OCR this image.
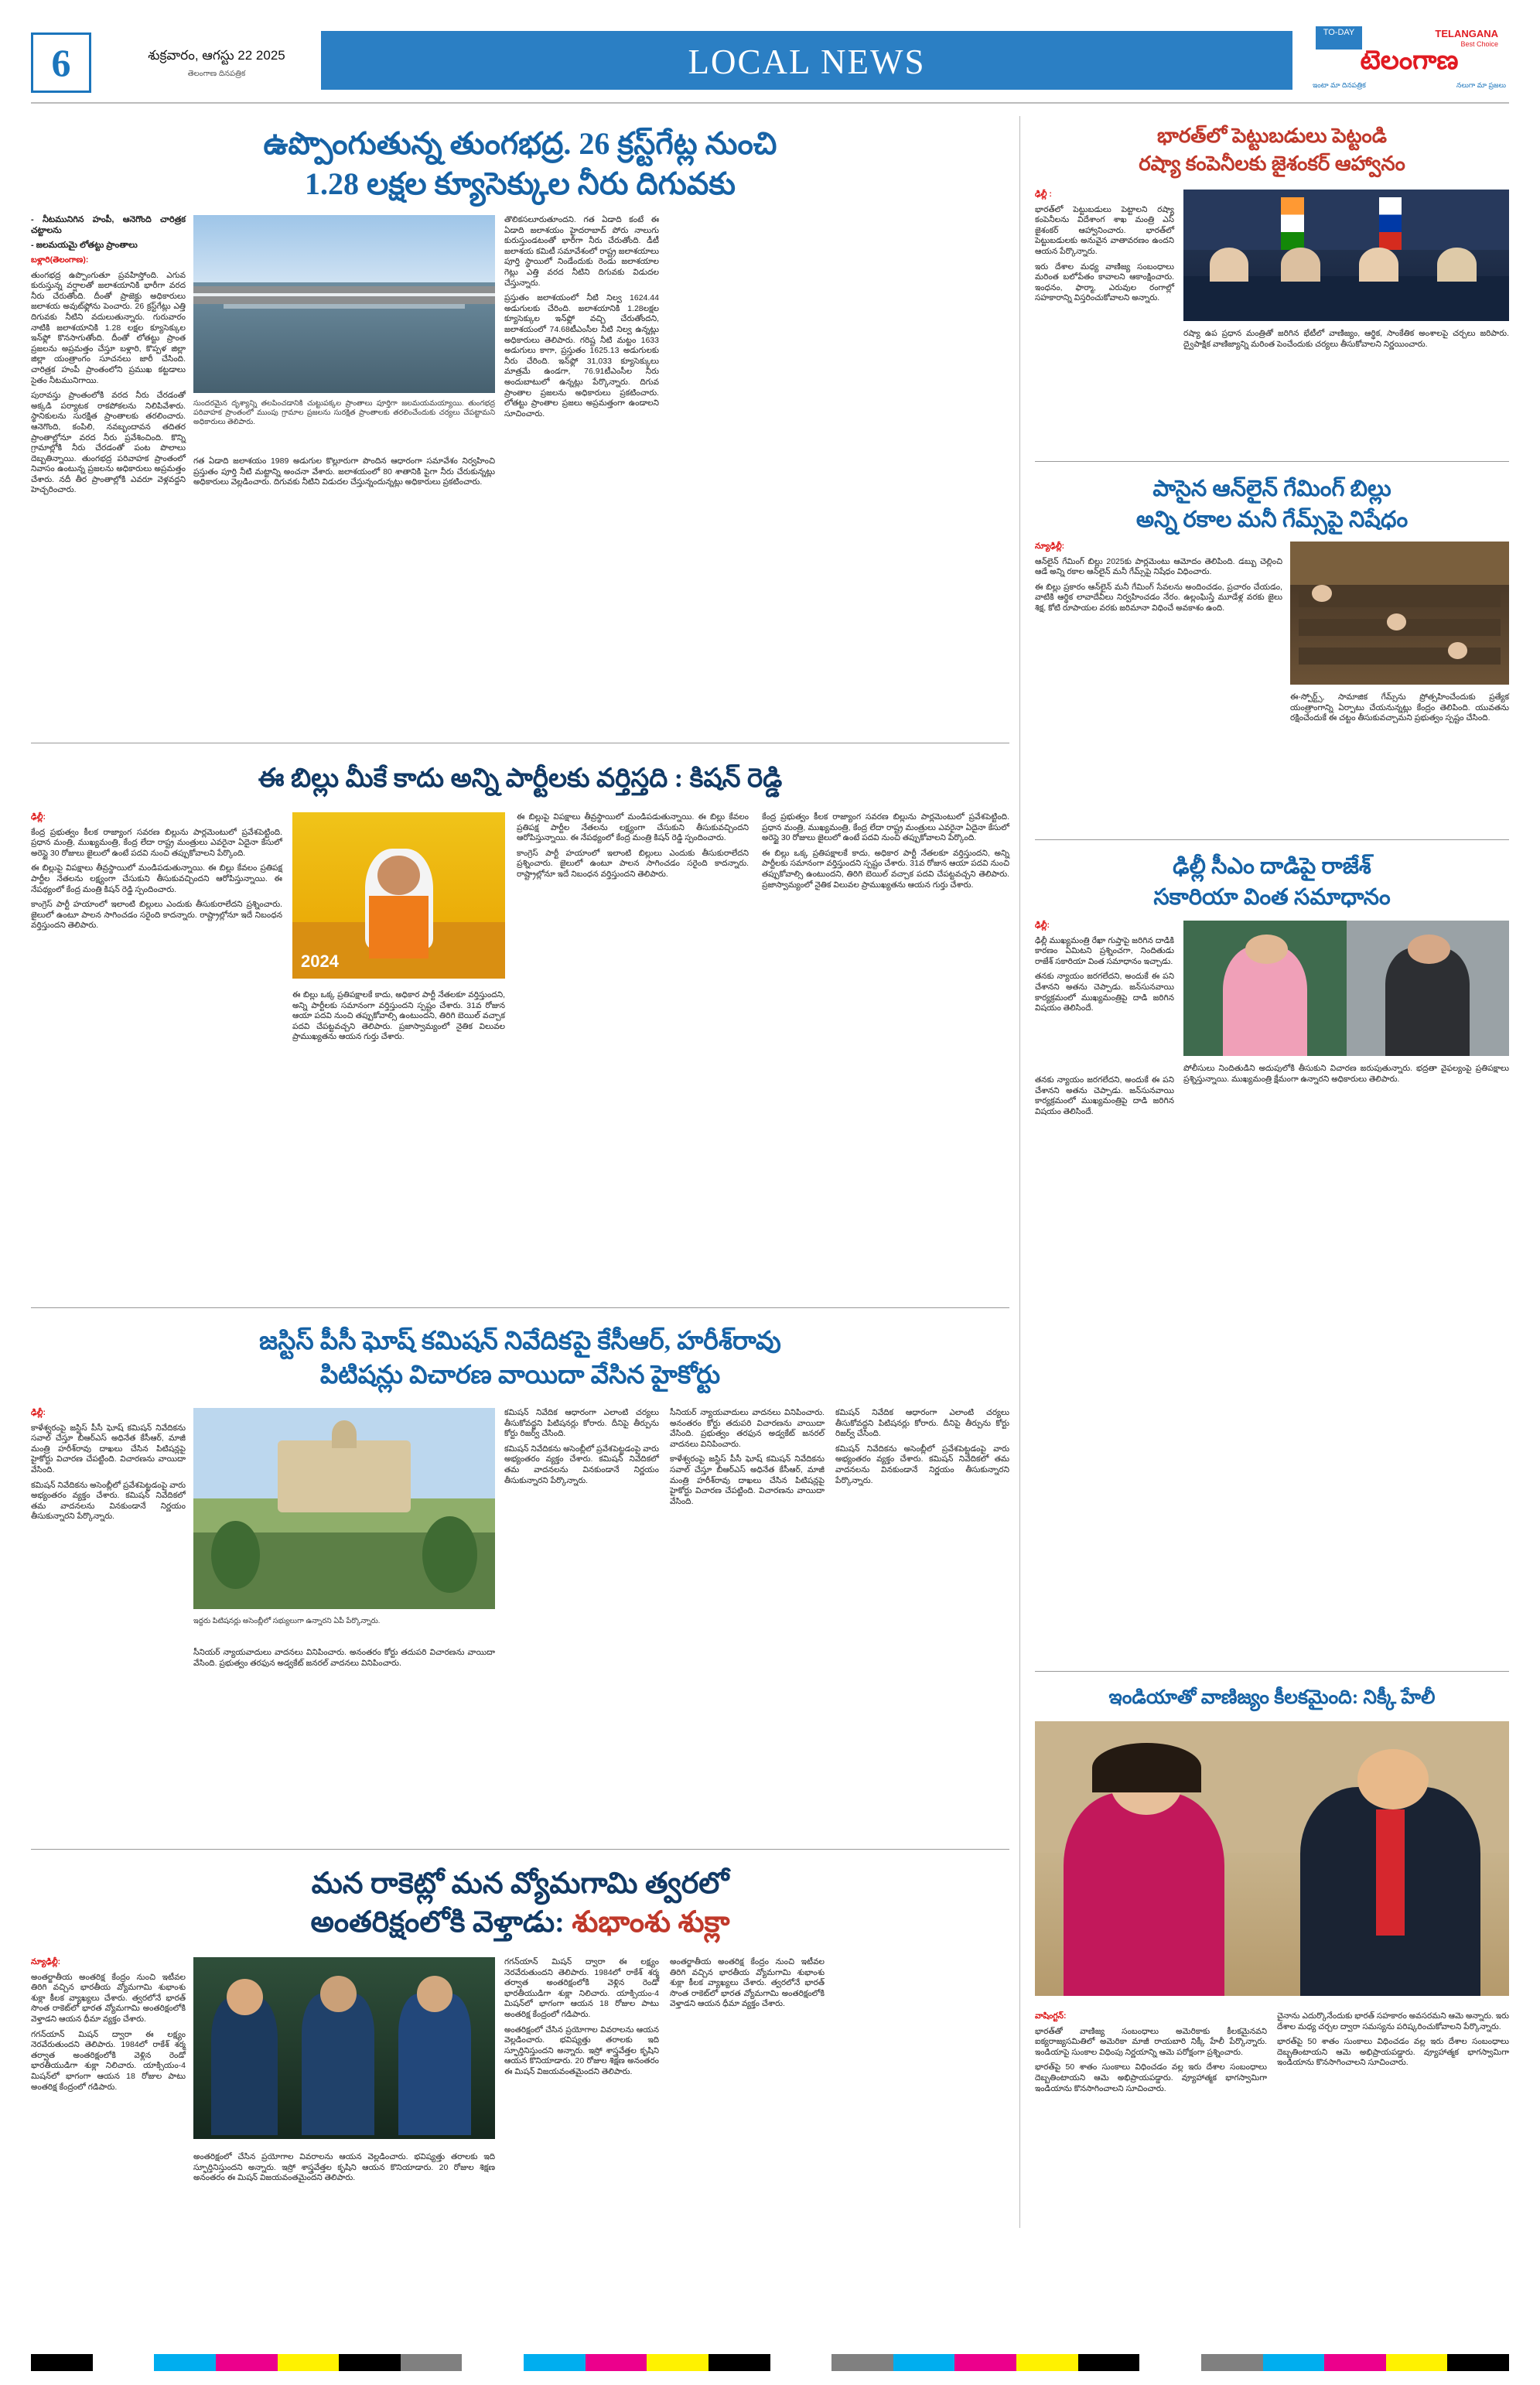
6	శుక్రవారం, ఆగస్టు 22 2025
తెలంగాణ దినపత్రిక	LOCAL NEWS
TO-DAY	TELANGANA
Best Choice
టెలంగాణ
ఇంటా మా దినపత్రిక	నలుగా మా ప్రజలు
ఉప్పొంగుతున్న తుంగభద్ర. 26 క్రస్ట్‌గేట్ల నుంచి
1.28 లక్షల క్యూసెక్కుల నీరు దిగువకు

- నీటమునిగిన హంపీ, ఆనెగొంది చారిత్రక చట్టాలను

- జలమయమై లోతట్టు ప్రాంతాలు

బళ్లారి(తెలంగాణ):

తుంగభద్ర ఉప్పొంగుతూ ప్రవహిస్తోంది. ఎగువ కురుస్తున్న వర్షాలతో జలాశయానికి భారీగా వరద నీరు చేరుతోంది. దీంతో ప్రాజెక్టు అధికారులు జలాశయ అవుట్‌ఫ్లోను పెంచారు. 26 క్రస్ట్‌గేట్లు ఎత్తి దిగువకు నీటిని వదులుతున్నారు. గురువారం నాటికి జలాశయానికి 1.28 లక్షల క్యూసెక్కుల ఇన్‌ఫ్లో కొనసాగుతోంది. దీంతో లోతట్టు ప్రాంత ప్రజలను అప్రమత్తం చేస్తూ బళ్లారి, కొప్పళ జిల్లా జిల్లా యంత్రాంగం సూచనలు జారీ చేసింది. చారిత్రక హంపీ ప్రాంతంలోని ప్రముఖ కట్టడాలు సైతం నీటమునిగాయి.

పురావస్తు ప్రాంతంలోకి వరద నీరు చేరడంతో అక్కడి పర్యాటక రాకపోకలను నిలిపివేశారు. స్థానికులను సురక్షిత ప్రాంతాలకు తరలించారు. ఆనెగొంది, కంపిలి, నవబృందావన తదితర ప్రాంతాల్లోనూ వరద నీరు ప్రవేశించింది. కొన్ని గ్రామాల్లోకి నీరు చేరడంతో పంట పొలాలు దెబ్బతిన్నాయి. తుంగభద్ర పరివాహక ప్రాంతంలో నివాసం ఉంటున్న ప్రజలను అధికారులు అప్రమత్తం చేశారు. నదీ తీర ప్రాంతాల్లోకి ఎవరూ వెళ్లవద్దని హెచ్చరించారు.

సుందరమైన దృశ్యాన్ని తలపించడానికి చుట్టుపక్కల ప్రాంతాలు పూర్తిగా జలమయమయ్యాయి. తుంగభద్ర పరివాహక ప్రాంతంలో ముంపు గ్రామాల ప్రజలను సురక్షిత ప్రాంతాలకు తరలించేందుకు చర్యలు చేపట్టామని అధికారులు తెలిపారు.

గత ఏడాది జలాశయం 1989 అడుగుల కొల్లూరుగా పొందిన ఆధారంగా సమావేశం నిర్వహించి ప్రస్తుతం పూర్తి నీటి మట్టాన్ని అంచనా వేశారు. జలాశయంలో 80 శాతానికి పైగా నీరు చేరుకున్నట్లు అధికారులు వెల్లడించారు. దిగువకు నీటిని విడుదల చేస్తున్నందున్నట్లు అధికారులు ప్రకటించారు.

తొలికసలూరుతూందని. గత ఏడాది కంటే ఈ ఏడాది జలాశయం హైదరాబాద్ పోరు నాలుగు కురుస్తుండటంతో భారీగా నీరు చేరుతోంది. డీటీ జలాశయ కమిటీ సమావేశంలో రాష్ట్ర జలాశయాలు పూర్తి స్థాయిలో నిండేందుకు రెండు జలాశయాల గెట్లు ఎత్తి వరద నీటిని దిగువకు విడుదల చేస్తున్నారు.

ప్రస్తుతం జలాశయంలో నీటి నిల్వ 1624.44 అడుగులకు చేరింది. జలాశయానికి 1.28లక్షల క్యూసెక్కుల ఇన్‌ఫ్లో వచ్చి చేరుతోందని, జలాశయంలో 74.68టీఎంసీల నీటి నిల్వ ఉన్నట్లు అధికారులు తెలిపారు. గరిష్ట నీటి మట్టం 1633 అడుగులు కాగా, ప్రస్తుతం 1625.13 అడుగులకు నీరు చేరింది. ఇన్‌ఫ్లో 31,033 క్యూసెక్కులు మాత్రమే ఉండగా, 76.91టీఎంసీల నీరు అందుబాటులో ఉన్నట్లు పేర్కొన్నారు. దిగువ ప్రాంతాల ప్రజలను అధికారులు ప్రకటించారు. లోతట్టు ప్రాంతాల ప్రజలు అప్రమత్తంగా ఉండాలని సూచించారు.

ఈ బిల్లు మీకే కాదు అన్ని పార్టీలకు వర్తిస్తది : కిషన్ రెడ్డి

ఢిల్లీ:

కేంద్ర ప్రభుత్వం కీలక రాజ్యాంగ సవరణ బిల్లును పార్లమెంటులో ప్రవేశపెట్టింది. ప్రధాన మంత్రి, ముఖ్యమంత్రి, కేంద్ర లేదా రాష్ట్ర మంత్రులు ఎవరైనా ఏదైనా కేసులో అరెస్టై 30 రోజులు జైలులో ఉంటే పదవి నుంచి తప్పుకోవాలని పేర్కొంది.

ఈ బిల్లుపై విపక్షాలు తీవ్రస్థాయిలో మండిపడుతున్నాయి. ఈ బిల్లు కేవలం ప్రతిపక్ష పార్టీల నేతలను లక్ష్యంగా చేసుకుని తీసుకువచ్చిందని ఆరోపిస్తున్నాయి. ఈ నేపథ్యంలో కేంద్ర మంత్రి కిషన్ రెడ్డి స్పందించారు.

కాంగ్రెస్ పార్టీ హయాంలో ఇలాంటి బిల్లులు ఎందుకు తీసుకురాలేదని ప్రశ్నించారు. జైలులో ఉంటూ పాలన సాగించడం సరైంది కాదన్నారు. రాష్ట్రాల్లోనూ ఇదే నిబంధన వర్తిస్తుందని తెలిపారు.

2024

ఈ బిల్లు ఒక్క ప్రతిపక్షాలకే కాదు, అధికార పార్టీ నేతలకూ వర్తిస్తుందని, అన్ని పార్టీలకు సమానంగా వర్తిస్తుందని స్పష్టం చేశారు. 31వ రోజున ఆయా పదవి నుంచి తప్పుకోవాల్సి ఉంటుందని, తిరిగి బెయిల్ వచ్చాక పదవి చేపట్టవచ్చని తెలిపారు. ప్రజాస్వామ్యంలో నైతిక విలువల ప్రాముఖ్యతను ఆయన గుర్తు చేశారు.

ఈ బిల్లుపై విపక్షాలు తీవ్రస్థాయిలో మండిపడుతున్నాయి. ఈ బిల్లు కేవలం ప్రతిపక్ష పార్టీల నేతలను లక్ష్యంగా చేసుకుని తీసుకువచ్చిందని ఆరోపిస్తున్నాయి. ఈ నేపథ్యంలో కేంద్ర మంత్రి కిషన్ రెడ్డి స్పందించారు.

కాంగ్రెస్ పార్టీ హయాంలో ఇలాంటి బిల్లులు ఎందుకు తీసుకురాలేదని ప్రశ్నించారు. జైలులో ఉంటూ పాలన సాగించడం సరైంది కాదన్నారు. రాష్ట్రాల్లోనూ ఇదే నిబంధన వర్తిస్తుందని తెలిపారు.

కేంద్ర ప్రభుత్వం కీలక రాజ్యాంగ సవరణ బిల్లును పార్లమెంటులో ప్రవేశపెట్టింది. ప్రధాన మంత్రి, ముఖ్యమంత్రి, కేంద్ర లేదా రాష్ట్ర మంత్రులు ఎవరైనా ఏదైనా కేసులో అరెస్టై 30 రోజులు జైలులో ఉంటే పదవి నుంచి తప్పుకోవాలని పేర్కొంది.

ఈ బిల్లు ఒక్క ప్రతిపక్షాలకే కాదు, అధికార పార్టీ నేతలకూ వర్తిస్తుందని, అన్ని పార్టీలకు సమానంగా వర్తిస్తుందని స్పష్టం చేశారు. 31వ రోజున ఆయా పదవి నుంచి తప్పుకోవాల్సి ఉంటుందని, తిరిగి బెయిల్ వచ్చాక పదవి చేపట్టవచ్చని తెలిపారు. ప్రజాస్వామ్యంలో నైతిక విలువల ప్రాముఖ్యతను ఆయన గుర్తు చేశారు.

జస్టిస్ పీసీ ఘోష్ కమిషన్ నివేదికపై కేసీఆర్, హరీశ్‌రావు
పిటిషన్లు విచారణ వాయిదా వేసిన హైకోర్టు

ఢిల్లీ:

కాళేశ్వరంపై జస్టిస్ పీసీ ఘోష్ కమిషన్ నివేదికను సవాల్ చేస్తూ బీఆర్ఎస్ అధినేత కేసీఆర్, మాజీ మంత్రి హరీశ్‌రావు దాఖలు చేసిన పిటిషన్లపై హైకోర్టు విచారణ చేపట్టింది. విచారణను వాయిదా వేసింది.

కమిషన్ నివేదికను అసెంబ్లీలో ప్రవేశపెట్టడంపై వారు అభ్యంతరం వ్యక్తం చేశారు. కమిషన్ నివేదికలో తమ వాదనలను వినకుండానే నిర్ణయం తీసుకున్నారని పేర్కొన్నారు.

ఇద్దరు పిటిషనర్లు అసెంబ్లీలో సభ్యులుగా ఉన్నారని ఏపీ పేర్కొన్నారు.

సీనియర్ న్యాయవాదులు వాదనలు వినిపించారు. అనంతరం కోర్టు తదుపరి విచారణను వాయిదా వేసింది. ప్రభుత్వం తరఫున అడ్వకేట్ జనరల్ వాదనలు వినిపించారు.

కమిషన్ నివేదిక ఆధారంగా ఎలాంటి చర్యలు తీసుకోవద్దని పిటిషనర్లు కోరారు. దీనిపై తీర్పును కోర్టు రిజర్వ్ చేసింది.

కమిషన్ నివేదికను అసెంబ్లీలో ప్రవేశపెట్టడంపై వారు అభ్యంతరం వ్యక్తం చేశారు. కమిషన్ నివేదికలో తమ వాదనలను వినకుండానే నిర్ణయం తీసుకున్నారని పేర్కొన్నారు.

సీనియర్ న్యాయవాదులు వాదనలు వినిపించారు. అనంతరం కోర్టు తదుపరి విచారణను వాయిదా వేసింది. ప్రభుత్వం తరఫున అడ్వకేట్ జనరల్ వాదనలు వినిపించారు.

కాళేశ్వరంపై జస్టిస్ పీసీ ఘోష్ కమిషన్ నివేదికను సవాల్ చేస్తూ బీఆర్ఎస్ అధినేత కేసీఆర్, మాజీ మంత్రి హరీశ్‌రావు దాఖలు చేసిన పిటిషన్లపై హైకోర్టు విచారణ చేపట్టింది. విచారణను వాయిదా వేసింది.

కమిషన్ నివేదిక ఆధారంగా ఎలాంటి చర్యలు తీసుకోవద్దని పిటిషనర్లు కోరారు. దీనిపై తీర్పును కోర్టు రిజర్వ్ చేసింది.

కమిషన్ నివేదికను అసెంబ్లీలో ప్రవేశపెట్టడంపై వారు అభ్యంతరం వ్యక్తం చేశారు. కమిషన్ నివేదికలో తమ వాదనలను వినకుండానే నిర్ణయం తీసుకున్నారని పేర్కొన్నారు.

మన రాకెట్లో మన వ్యోమగామి త్వరలో
అంతరిక్షంలోకి వెళ్తాడు: శుభాంశు శుక్లా

న్యూఢిల్లీ:

అంతర్జాతీయ అంతరిక్ష కేంద్రం నుంచి ఇటీవల తిరిగి వచ్చిన భారతీయ వ్యోమగామి శుభాంశు శుక్లా కీలక వ్యాఖ్యలు చేశారు. త్వరలోనే భారత్ సొంత రాకెట్‌లో భారత వ్యోమగామి అంతరిక్షంలోకి వెళ్తాడని ఆయన ధీమా వ్యక్తం చేశారు.

గగన్‌యాన్ మిషన్ ద్వారా ఈ లక్ష్యం నెరవేరుతుందని తెలిపారు. 1984లో రాకేశ్ శర్మ తర్వాత అంతరిక్షంలోకి వెళ్లిన రెండో భారతీయుడిగా శుక్లా నిలిచారు. యాక్సియం-4 మిషన్‌లో భాగంగా ఆయన 18 రోజుల పాటు అంతరిక్ష కేంద్రంలో గడిపారు.

అంతరిక్షంలో చేసిన ప్రయోగాల వివరాలను ఆయన వెల్లడించారు. భవిష్యత్తు తరాలకు ఇది స్ఫూర్తినిస్తుందని అన్నారు. ఇస్రో శాస్త్రవేత్తల కృషిని ఆయన కొనియాడారు. 20 రోజుల శిక్షణ అనంతరం ఈ మిషన్ విజయవంతమైందని తెలిపారు.

గగన్‌యాన్ మిషన్ ద్వారా ఈ లక్ష్యం నెరవేరుతుందని తెలిపారు. 1984లో రాకేశ్ శర్మ తర్వాత అంతరిక్షంలోకి వెళ్లిన రెండో భారతీయుడిగా శుక్లా నిలిచారు. యాక్సియం-4 మిషన్‌లో భాగంగా ఆయన 18 రోజుల పాటు అంతరిక్ష కేంద్రంలో గడిపారు.

అంతరిక్షంలో చేసిన ప్రయోగాల వివరాలను ఆయన వెల్లడించారు. భవిష్యత్తు తరాలకు ఇది స్ఫూర్తినిస్తుందని అన్నారు. ఇస్రో శాస్త్రవేత్తల కృషిని ఆయన కొనియాడారు. 20 రోజుల శిక్షణ అనంతరం ఈ మిషన్ విజయవంతమైందని తెలిపారు.

అంతర్జాతీయ అంతరిక్ష కేంద్రం నుంచి ఇటీవల తిరిగి వచ్చిన భారతీయ వ్యోమగామి శుభాంశు శుక్లా కీలక వ్యాఖ్యలు చేశారు. త్వరలోనే భారత్ సొంత రాకెట్‌లో భారత వ్యోమగామి అంతరిక్షంలోకి వెళ్తాడని ఆయన ధీమా వ్యక్తం చేశారు.

భారత్‌లో పెట్టుబడులు పెట్టండి
రష్యా కంపెనీలకు జైశంకర్ ఆహ్వానం

ఢిల్లీ :

భారత్‌లో పెట్టుబడులు పెట్టాలని రష్యా కంపెనీలను విదేశాంగ శాఖ మంత్రి ఎస్ జైశంకర్ ఆహ్వానించారు. భారత్‌లో పెట్టుబడులకు అనువైన వాతావరణం ఉందని ఆయన పేర్కొన్నారు.

ఇరు దేశాల మధ్య వాణిజ్య సంబంధాలు మరింత బలోపేతం కావాలని ఆకాంక్షించారు. ఇంధనం, ఫార్మా, ఎరువుల రంగాల్లో సహకారాన్ని విస్తరించుకోవాలని అన్నారు.

రష్యా ఉప ప్రధాన మంత్రితో జరిగిన భేటీలో వాణిజ్యం, ఆర్థిక, సాంకేతిక అంశాలపై చర్చలు జరిపారు. ద్వైపాక్షిక వాణిజ్యాన్ని మరింత పెంచేందుకు చర్యలు తీసుకోవాలని నిర్ణయించారు.

పాసైన ఆన్‌లైన్ గేమింగ్ బిల్లు
అన్ని రకాల మనీ గేమ్స్‌పై నిషేధం

న్యూఢిల్లీ:

ఆన్‌లైన్ గేమింగ్ బిల్లు 2025కు పార్లమెంటు ఆమోదం తెలిపింది. డబ్బు చెల్లించి ఆడే అన్ని రకాల ఆన్‌లైన్ మనీ గేమ్స్‌పై నిషేధం విధించారు.

ఈ బిల్లు ప్రకారం ఆన్‌లైన్ మనీ గేమింగ్ సేవలను అందించడం, ప్రచారం చేయడం, వాటికి ఆర్థిక లావాదేవీలు నిర్వహించడం నేరం. ఉల్లంఘిస్తే మూడేళ్ల వరకు జైలు శిక్ష, కోటి రూపాయల వరకు జరిమానా విధించే అవకాశం ఉంది.

ఈ-స్పోర్ట్స్, సామాజిక గేమ్స్‌ను ప్రోత్సహించేందుకు ప్రత్యేక యంత్రాంగాన్ని ఏర్పాటు చేయనున్నట్లు కేంద్రం తెలిపింది. యువతను రక్షించేందుకే ఈ చట్టం తీసుకువచ్చామని ప్రభుత్వం స్పష్టం చేసింది.

ఢిల్లీ సీఎం దాడిపై రాజేశ్
సకారియా వింత సమాధానం

ఢిల్లీ:

ఢిల్లీ ముఖ్యమంత్రి రేఖా గుప్తాపై జరిగిన దాడికి కారణం ఏమిటని ప్రశ్నించగా, నిందితుడు రాజేశ్ సకారియా వింత సమాధానం ఇచ్చాడు.

తనకు న్యాయం జరగలేదని, అందుకే ఈ పని చేశానని అతను చెప్పాడు. జన్‌సునవాయి కార్యక్రమంలో ముఖ్యమంత్రిపై దాడి జరిగిన విషయం తెలిసిందే.

పోలీసులు నిందితుడిని అదుపులోకి తీసుకుని విచారణ జరుపుతున్నారు. భద్రతా వైఫల్యంపై ప్రతిపక్షాలు ప్రశ్నిస్తున్నాయి. ముఖ్యమంత్రి క్షేమంగా ఉన్నారని అధికారులు తెలిపారు.

తనకు న్యాయం జరగలేదని, అందుకే ఈ పని చేశానని అతను చెప్పాడు. జన్‌సునవాయి కార్యక్రమంలో ముఖ్యమంత్రిపై దాడి జరిగిన విషయం తెలిసిందే.

ఇండియాతో వాణిజ్యం కీలకమైంది: నిక్కీ హేలీ

వాషింగ్టన్:

భారత్‌తో వాణిజ్య సంబంధాలు అమెరికాకు కీలకమైనవని ఐక్యరాజ్యసమితిలో అమెరికా మాజీ రాయబారి నిక్కీ హేలీ పేర్కొన్నారు. ఇండియాపై సుంకాల విధింపు నిర్ణయాన్ని ఆమె పరోక్షంగా ప్రశ్నించారు.

భారత్‌పై 50 శాతం సుంకాలు విధించడం వల్ల ఇరు దేశాల సంబంధాలు దెబ్బతింటాయని ఆమె అభిప్రాయపడ్డారు. వ్యూహాత్మక భాగస్వామిగా ఇండియాను కొనసాగించాలని సూచించారు.

చైనాను ఎదుర్కొనేందుకు భారత్ సహకారం అవసరమని ఆమె అన్నారు. ఇరు దేశాల మధ్య చర్చల ద్వారా సమస్యను పరిష్కరించుకోవాలని పేర్కొన్నారు.

భారత్‌పై 50 శాతం సుంకాలు విధించడం వల్ల ఇరు దేశాల సంబంధాలు దెబ్బతింటాయని ఆమె అభిప్రాయపడ్డారు. వ్యూహాత్మక భాగస్వామిగా ఇండియాను కొనసాగించాలని సూచించారు.
